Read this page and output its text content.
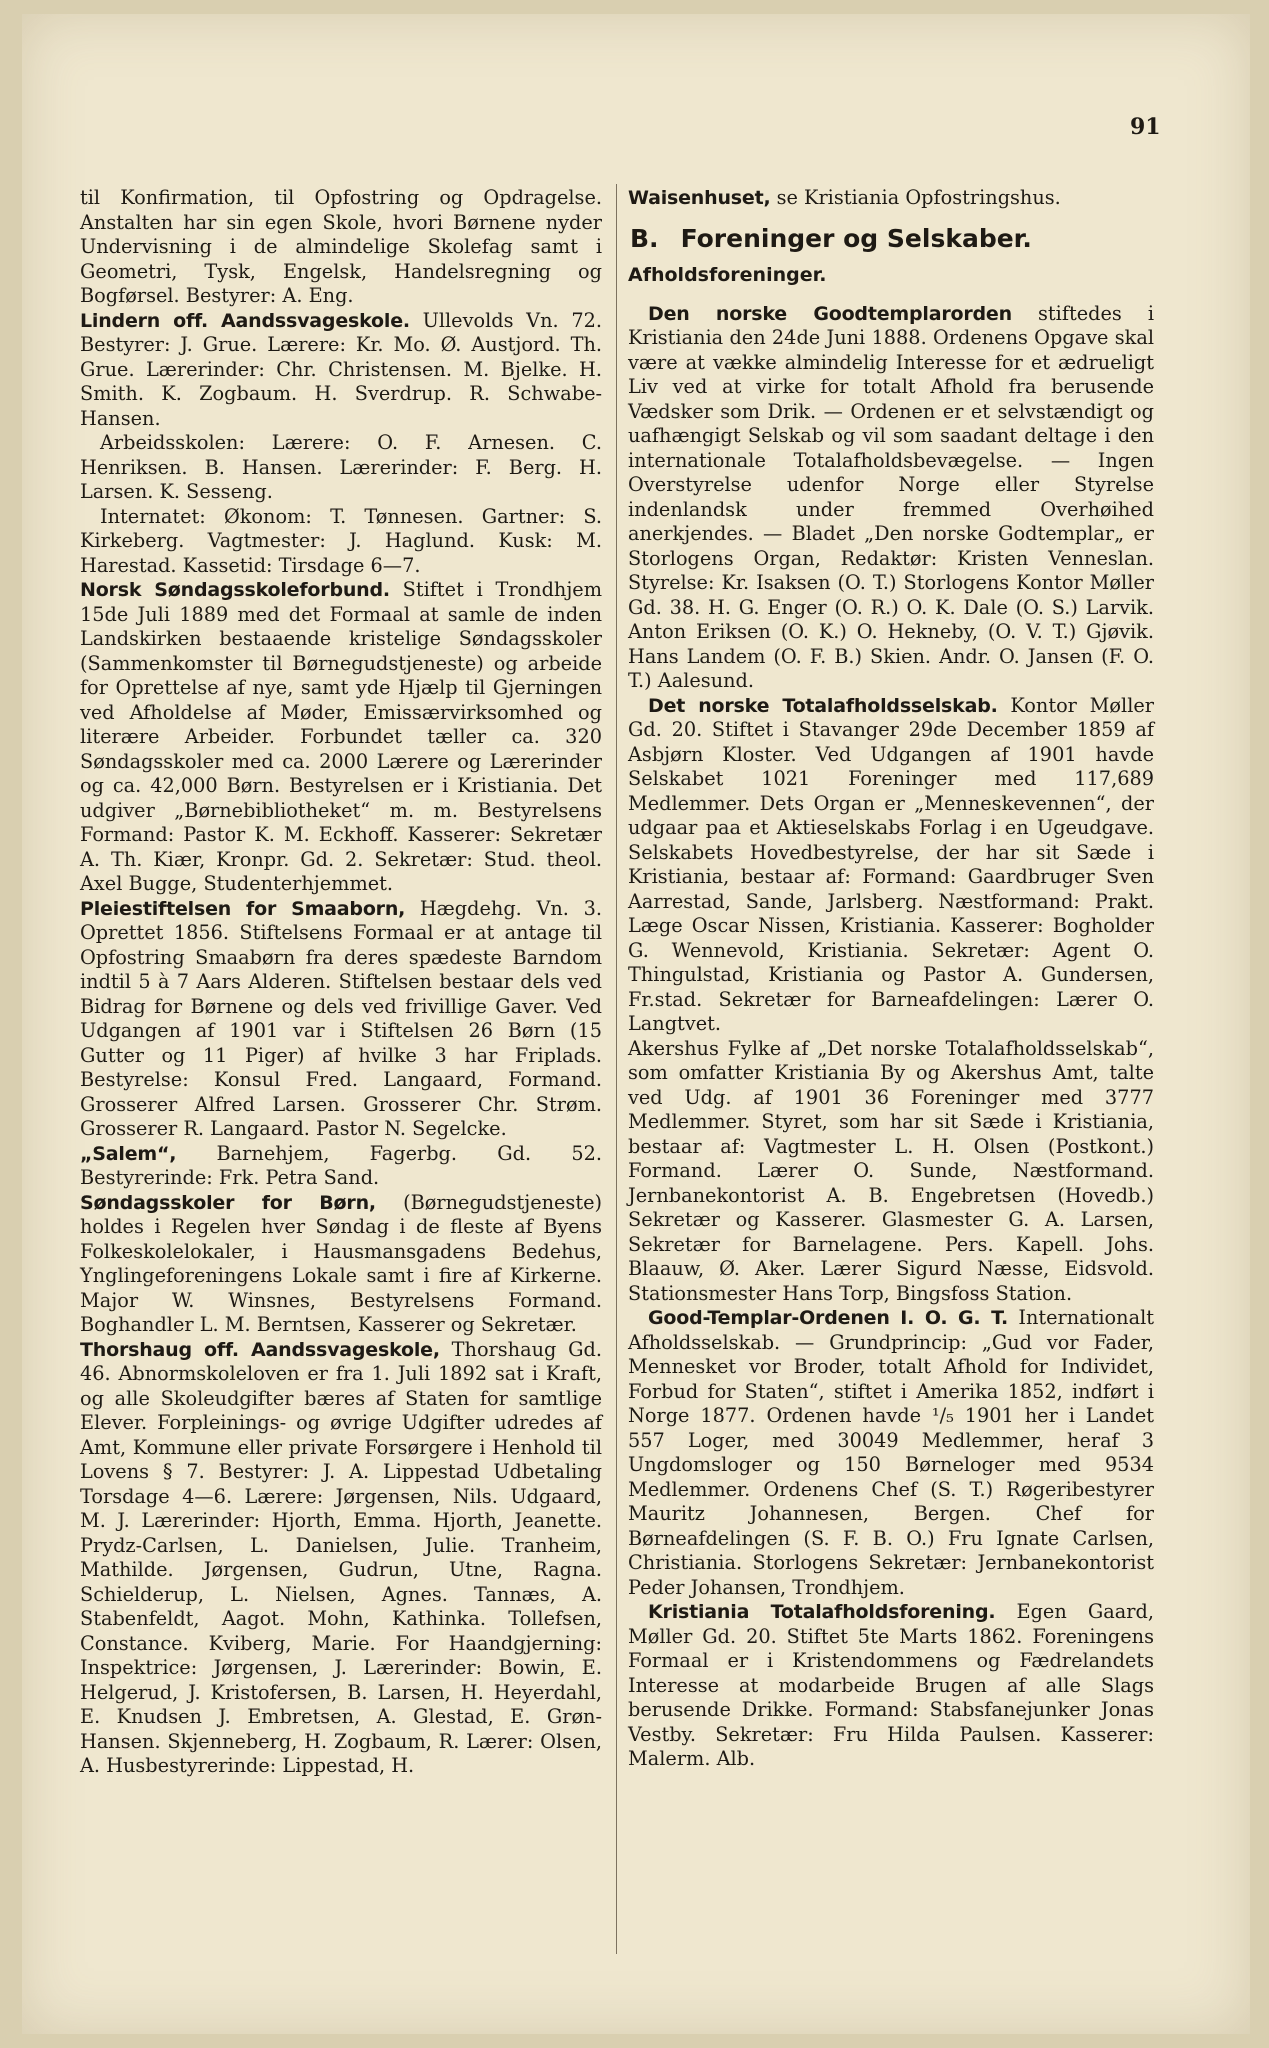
91

til Konfirmation, til Opfostring og Opdragelse. Anstalten har sin egen Skole, hvori Børnene nyder Undervisning i de almindelige Skolefag samt i Geometri, Tysk, Engelsk, Handelsregning og Bogførsel. Bestyrer: A. Eng.

Lindern off. Aandssvageskole. Ullevolds Vn. 72. Bestyrer: J. Grue. Lærere: Kr. Mo. Ø. Austjord. Th. Grue. Lærerinder: Chr. Christensen. M. Bjelke. H. Smith. K. Zogbaum. H. Sverdrup. R. Schwabe-Hansen.

Arbeidsskolen: Lærere: O. F. Arnesen. C. Henriksen. B. Hansen. Lærerinder: F. Berg. H. Larsen. K. Sesseng.

Internatet: Økonom: T. Tønnesen. Gartner: S. Kirkeberg. Vagtmester: J. Haglund. Kusk: M. Harestad. Kassetid: Tirsdage 6—7.

Norsk Søndagsskoleforbund. Stiftet i Trondhjem 15de Juli 1889 med det Formaal at samle de inden Landskirken bestaaende kristelige Søndagsskoler (Sammenkomster til Børnegudstjeneste) og arbeide for Oprettelse af nye, samt yde Hjælp til Gjerningen ved Afholdelse af Møder, Emissærvirksomhed og literære Arbeider. Forbundet tæller ca. 320 Søndagsskoler med ca. 2000 Lærere og Lærerinder og ca. 42,000 Børn. Bestyrelsen er i Kristiania. Det udgiver „Børnebibliotheket“ m. m. Bestyrelsens Formand: Pastor K. M. Eckhoff. Kasserer: Sekretær A. Th. Kiær, Kronpr. Gd. 2. Sekretær: Stud. theol. Axel Bugge, Studenterhjemmet.

Pleiestiftelsen for Smaaborn, Hægdehg. Vn. 3. Oprettet 1856. Stiftelsens Formaal er at antage til Opfostring Smaabørn fra deres spædeste Barndom indtil 5 à 7 Aars Alderen. Stiftelsen bestaar dels ved Bidrag for Børnene og dels ved frivillige Gaver. Ved Udgangen af 1901 var i Stiftelsen 26 Børn (15 Gutter og 11 Piger) af hvilke 3 har Friplads. Bestyrelse: Konsul Fred. Langaard, Formand. Grosserer Alfred Larsen. Grosserer Chr. Strøm. Grosserer R. Langaard. Pastor N. Segelcke.

„Salem“, Barnehjem, Fagerbg. Gd. 52. Bestyrerinde: Frk. Petra Sand.

Søndagsskoler for Børn, (Børnegudstjeneste) holdes i Regelen hver Søndag i de fleste af Byens Folkeskolelokaler, i Hausmansgadens Bedehus, Ynglingeforeningens Lokale samt i fire af Kirkerne. Major W. Winsnes, Bestyrelsens Formand. Boghandler L. M. Berntsen, Kasserer og Sekretær.

Thorshaug off. Aandssvageskole, Thorshaug Gd. 46. Abnormskoleloven er fra 1. Juli 1892 sat i Kraft, og alle Skoleudgifter bæres af Staten for samtlige Elever. Forpleinings- og øvrige Udgifter udredes af Amt, Kommune eller private Forsørgere i Henhold til Lovens § 7. Bestyrer: J. A. Lippestad Udbetaling Torsdage 4—6. Lærere: Jørgensen, Nils. Udgaard, M. J. Lærerinder: Hjorth, Emma. Hjorth, Jeanette. Prydz-Carlsen, L. Danielsen, Julie. Tranheim, Mathilde. Jørgensen, Gudrun, Utne, Ragna. Schielderup, L. Nielsen, Agnes. Tannæs, A. Stabenfeldt, Aagot. Mohn, Kathinka. Tollefsen, Constance. Kviberg, Marie. For Haandgjerning: Inspektrice: Jørgensen, J. Lærerinder: Bowin, E. Helgerud, J. Kristofersen, B. Larsen, H. Heyerdahl, E. Knudsen J. Embretsen, A. Glestad, E. Grøn-Hansen. Skjenneberg, H. Zogbaum, R. Lærer: Olsen, A. Husbestyrerinde: Lippestad, H.

Waisenhuset, se Kristiania Opfostringshus.

B. Foreninger og Selskaber.
Afholdsforeninger.

Den norske Goodtemplarorden stiftedes i Kristiania den 24de Juni 1888. Ordenens Opgave skal være at vække almindelig Interesse for et ædrueligt Liv ved at virke for totalt Afhold fra berusende Vædsker som Drik. — Ordenen er et selvstændigt og uafhængigt Selskab og vil som saadant deltage i den internationale Totalafholdsbevægelse. — Ingen Overstyrelse udenfor Norge eller Styrelse indenlandsk under fremmed Overhøihed anerkjendes. — Bladet „Den norske Godtemplar„ er Storlogens Organ, Redaktør: Kristen Venneslan. Styrelse: Kr. Isaksen (O. T.) Storlogens Kontor Møller Gd. 38. H. G. Enger (O. R.) O. K. Dale (O. S.) Larvik. Anton Eriksen (O. K.) O. Hekneby, (O. V. T.) Gjøvik. Hans Landem (O. F. B.) Skien. Andr. O. Jansen (F. O. T.) Aalesund.

Det norske Totalafholdsselskab. Kontor Møller Gd. 20. Stiftet i Stavanger 29de December 1859 af Asbjørn Kloster. Ved Udgangen af 1901 havde Selskabet 1021 Foreninger med 117,689 Medlemmer. Dets Organ er „Menneskevennen“, der udgaar paa et Aktieselskabs Forlag i en Ugeudgave. Selskabets Hovedbestyrelse, der har sit Sæde i Kristiania, bestaar af: Formand: Gaardbruger Sven Aarrestad, Sande, Jarlsberg. Næstformand: Prakt. Læge Oscar Nissen, Kristiania. Kasserer: Bogholder G. Wennevold, Kristiania. Sekretær: Agent O. Thingulstad, Kristiania og Pastor A. Gundersen, Fr.stad. Sekretær for Barneafdelingen: Lærer O. Langtvet.

Akershus Fylke af „Det norske Totalafholdsselskab“, som omfatter Kristiania By og Akershus Amt, talte ved Udg. af 1901 36 Foreninger med 3777 Medlemmer. Styret, som har sit Sæde i Kristiania, bestaar af: Vagtmester L. H. Olsen (Postkont.) Formand. Lærer O. Sunde, Næstformand. Jernbanekontorist A. B. Engebretsen (Hovedb.) Sekretær og Kasserer. Glasmester G. A. Larsen, Sekretær for Barnelagene. Pers. Kapell. Johs. Blaauw, Ø. Aker. Lærer Sigurd Næsse, Eidsvold. Stationsmester Hans Torp, Bingsfoss Station.

Good-Templar-Ordenen I. O. G. T. Internationalt Afholdsselskab. — Grundprincip: „Gud vor Fader, Mennesket vor Broder, totalt Afhold for Individet, Forbud for Staten“, stiftet i Amerika 1852, indført i Norge 1877. Ordenen havde ¹/₅ 1901 her i Landet 557 Loger, med 30049 Medlemmer, heraf 3 Ungdomsloger og 150 Børneloger med 9534 Medlemmer. Ordenens Chef (S. T.) Røgeribestyrer Mauritz Johannesen, Bergen. Chef for Børneafdelingen (S. F. B. O.) Fru Ignate Carlsen, Christiania. Storlogens Sekretær: Jernbanekontorist Peder Johansen, Trondhjem.

Kristiania Totalafholdsforening. Egen Gaard, Møller Gd. 20. Stiftet 5te Marts 1862. Foreningens Formaal er i Kristendommens og Fædrelandets Interesse at modarbeide Brugen af alle Slags berusende Drikke. Formand: Stabsfanejunker Jonas Vestby. Sekretær: Fru Hilda Paulsen. Kasserer: Malerm. Alb.
